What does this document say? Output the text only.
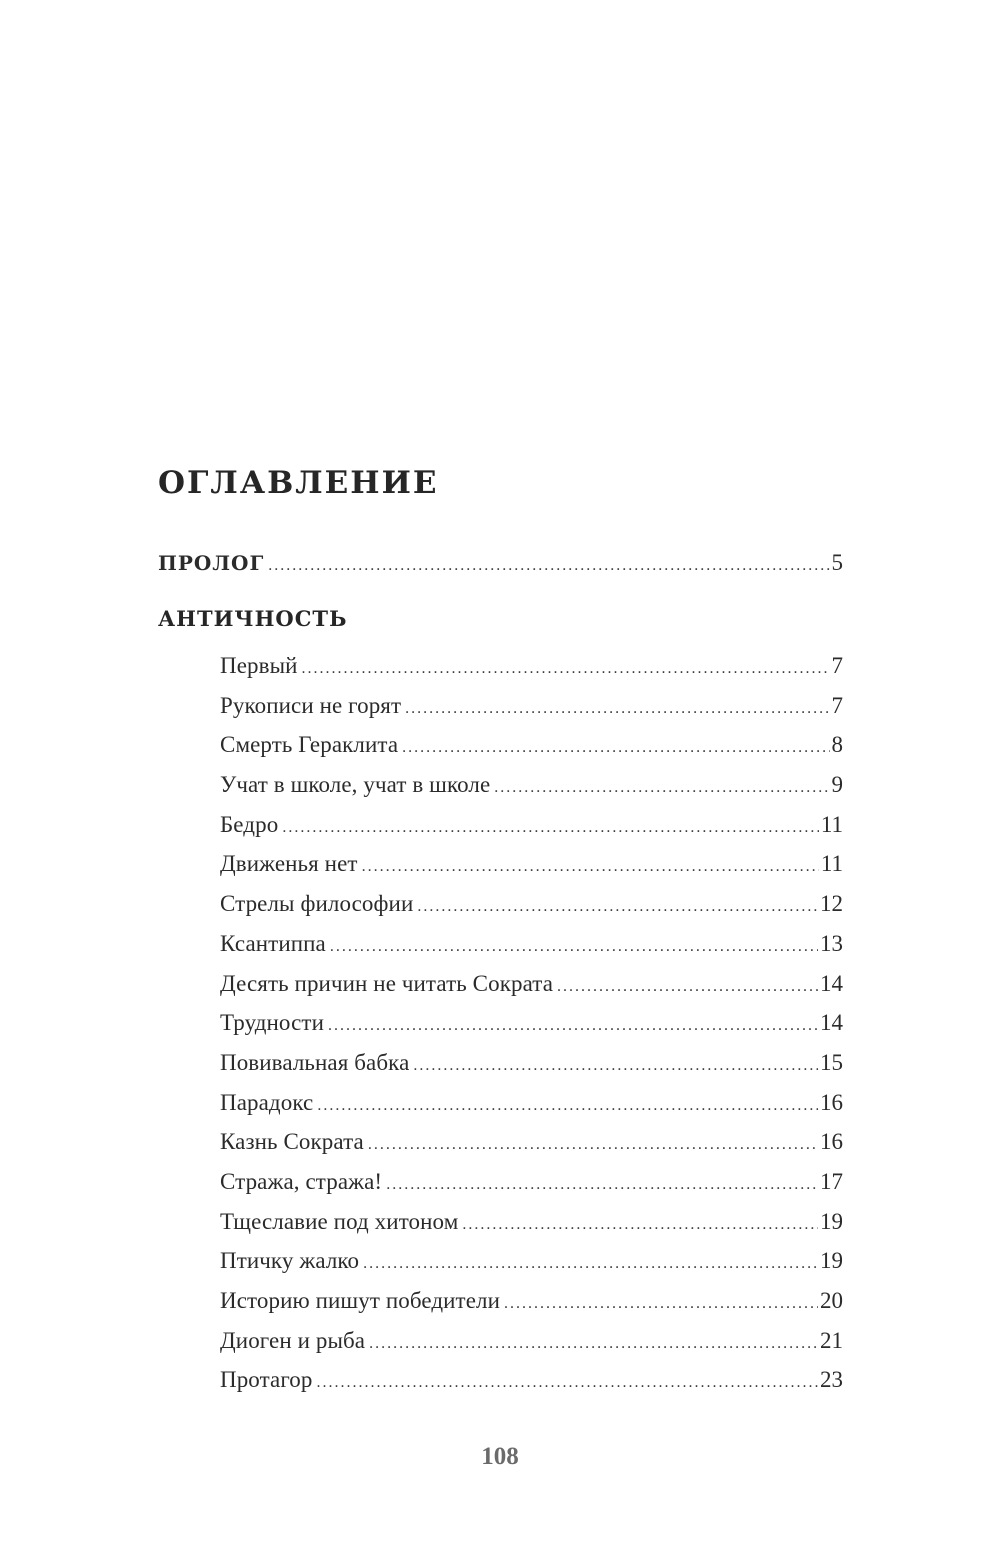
ОГЛАВЛЕНИЕ
ПРОЛОГ .....	5
АНТИЧНОСТЬ
Первый .....	7
Рукописи не горят .....	7
Смерть Гераклита .....	8
Учат в школе, учат в школе .....	9
Бедро .....	11
Движенья нет .....	11
Стрелы философии .....	12
Ксантиппа .....	13
Десять причин не читать Сократа .....	14
Трудности .....	14
Повивальная бабка .....	15
Парадокс .....	16
Казнь Сократа .....	16
Стража, стража! .....	17
Тщеславие под хитоном .....	19
Птичку жалко .....	19
Историю пишут победители .....	20
Диоген и рыба .....	21
Протагор .....	23
108
